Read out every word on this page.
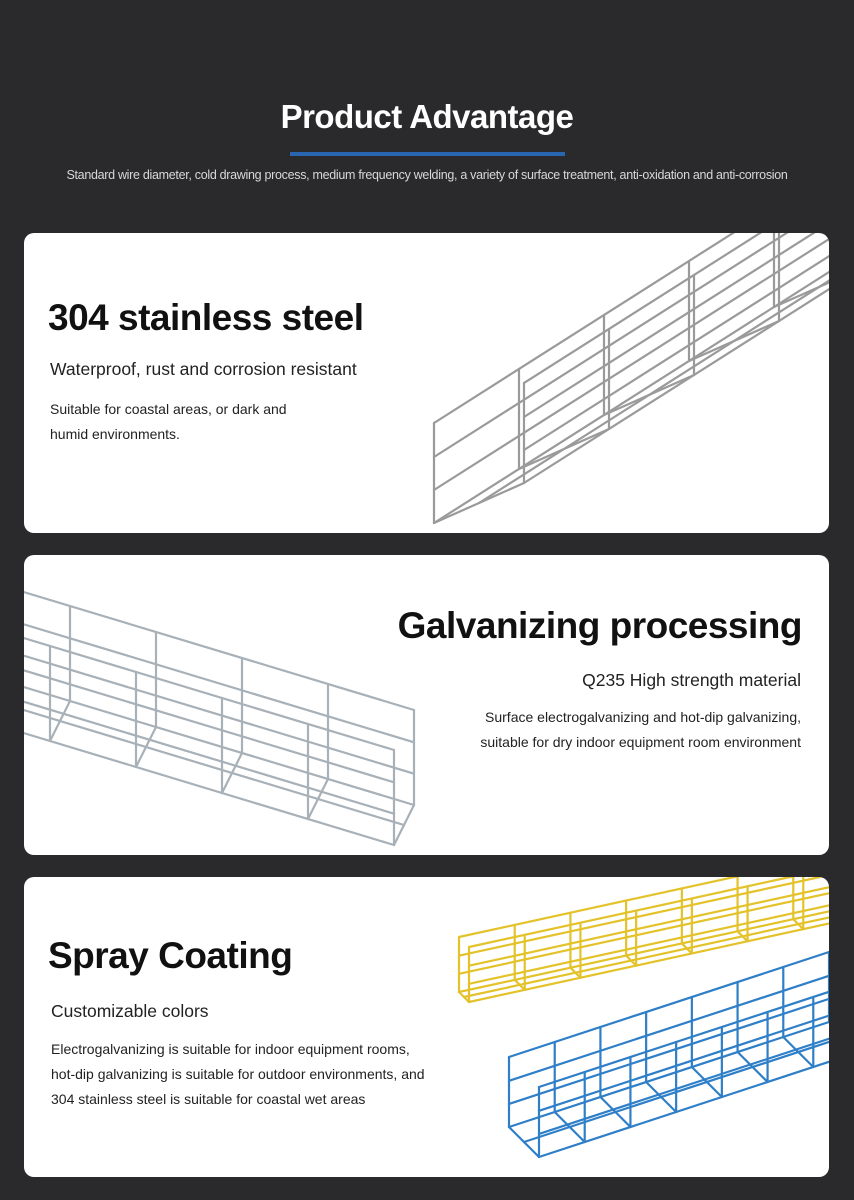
Product Advantage
Standard wire diameter, cold drawing process, medium frequency welding, a variety of surface treatment, anti-oxidation and anti-corrosion
304 stainless steel
Waterproof, rust and corrosion resistant
Suitable for coastal areas, or dark and
humid environments.
Galvanizing processing
Q235 High strength material
Surface electrogalvanizing and hot-dip galvanizing,
suitable for dry indoor equipment room environment
Spray Coating
Customizable colors
Electrogalvanizing is suitable for indoor equipment rooms,
hot-dip galvanizing is suitable for outdoor environments, and
304 stainless steel is suitable for coastal wet areas
